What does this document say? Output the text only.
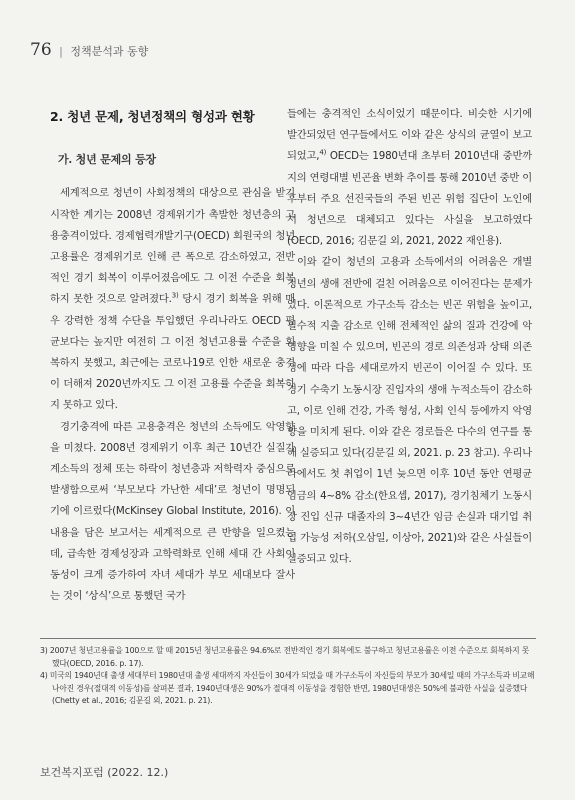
76 | 정책분석과 동향
2. 청년 문제, 청년정책의 형성과 현황
가. 청년 문제의 등장

세계적으로 청년이 사회정책의 대상으로 관심을 받기 시작한 계기는 2008년 경제위기가 촉발한 청년층의 고용충격이었다. 경제협력개발기구(OECD) 회원국의 청년고용률은 경제위기로 인해 큰 폭으로 감소하였고, 전반적인 경기 회복이 이루어졌음에도 그 이전 수준을 회복하지 못한 것으로 알려졌다.$^{3)}$ 당시 경기 회복을 위해 매우 강력한 정책 수단을 투입했던 우리나라도 OECD 평균보다는 높지만 여전히 그 이전 청년고용률 수준을 회복하지 못했고, 최근에는 코로나19로 인한 새로운 충격이 더해져 2020년까지도 그 이전 고용률 수준을 회복하지 못하고 있다.

경기충격에 따른 고용충격은 청년의 소득에도 악영향을 미쳤다. 2008년 경제위기 이후 최근 10년간 실질가계소득의 정체 또는 하락이 청년층과 저학력자 중심으로 발생함으로써 ‘부모보다 가난한 세대’로 청년이 명명되기에 이르렀다(McKinsey Global Institute, 2016). 이 내용을 담은 보고서는 세계적으로 큰 반향을 일으켰는데, 급속한 경제성장과 고학력화로 인해 세대 간 사회이동성이 크게 증가하여 자녀 세대가 부모 세대보다 잘사는 것이 ‘상식’으로 통했던 국가

들에는 충격적인 소식이었기 때문이다. 비슷한 시기에 발간되었던 연구들에서도 이와 같은 상식의 균열이 보고되었고,$^{4)}$ OECD는 1980년대 초부터 2010년대 중반까지의 연령대별 빈곤율 변화 추이를 통해 2010년 중반 이후부터 주요 선진국들의 주된 빈곤 위험 집단이 노인에서 청년으로 대체되고 있다는 사실을 보고하였다(OECD, 2016; 김문길 외, 2021, 2022 재인용).

이와 같이 청년의 고용과 소득에서의 어려움은 개별 청년의 생애 전반에 걸친 어려움으로 이어진다는 문제가 있다. 이론적으로 가구소득 감소는 빈곤 위험을 높이고, 필수적 지출 감소로 인해 전체적인 삶의 질과 건강에 악영향을 미칠 수 있으며, 빈곤의 경로 의존성과 상태 의존성에 따라 다음 세대로까지 빈곤이 이어질 수 있다. 또 경기 수축기 노동시장 진입자의 생애 누적소득이 감소하고, 이로 인해 건강, 가족 형성, 사회 인식 등에까지 악영향을 미치게 된다. 이와 같은 경로들은 다수의 연구를 통해 실증되고 있다(김문길 외, 2021. p. 23 참고). 우리나라에서도 첫 취업이 1년 늦으면 이후 10년 동안 연평균 임금의 4~8% 감소(한요셉, 2017), 경기침체기 노동시장 진입 신규 대졸자의 3~4년간 임금 손실과 대기업 취업 가능성 저하(오삼일, 이상아, 2021)와 같은 사실들이 실증되고 있다.

3) 2007년 청년고용률을 100으로 할 때 2015년 청년고용률은 94.6%로 전반적인 경기 회복에도 불구하고 청년고용률은 이전 수준으로 회복하지 못했다(OECD, 2016. p. 17).
4) 미국의 1940년대 출생 세대부터 1980년대 출생 세대까지 자신들이 30세가 되었을 때 가구소득이 자신들의 부모가 30세일 때의 가구소득과 비교해 나아진 경우(절대적 이동성)를 살펴본 결과, 1940년대생은 90%가 절대적 이동성을 경험한 반면, 1980년대생은 50%에 불과한 사실을 실증했다(Chetty et al., 2016; 김문길 외, 2021. p. 21).
보건복지포럼 (2022. 12.)
